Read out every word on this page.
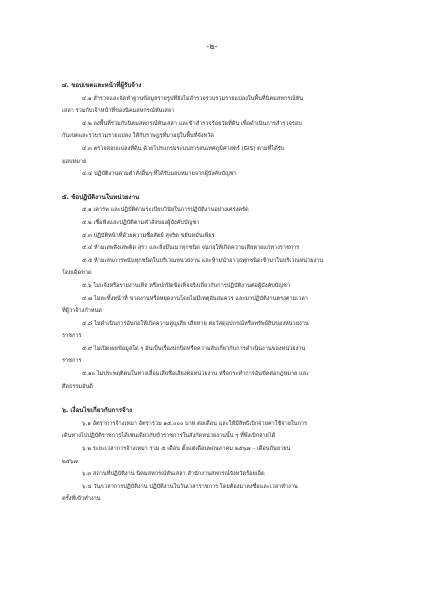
-๒-
๔. ขอบเขตและหน้าที่ผู้รับจ้าง
๔.๑ สำรวจและจัดทำฐานข้อมูลรายรูปที่ยังไม่สำรวจรวบรวมรายแปลงในพื้นที่นิคมสหกรณ์หัน
เสลา ร่วมกับเจ้าหน้าที่ของนิคมสหกรณ์หันเสลา
๔.๒ ลงพื้นที่ร่วมกับนิคมสหกรณ์หันเสลา และข้าสำรวจร้อยวัดที่ดิน เพื่อดำเนินการสำรวจรอบ
กันเขตและรวบรวมรายแปลง ให้กับราษฎรที่มาอยู่ในพื้นที่จังหวัด
๔.๓ ตรวจสอบแปลงที่ดิน ด้วยโปรแกรมระบบสารสนเทศภูมิศาสตร์ (GIS) ตามที่ได้รับ
มอบหมาย
๔.๔ ปฏิบัติงานตามคำสั่งอื่นๆ ที่ได้รับมอบหมายจากผู้บังคับบัญชา
๕. ข้อปฏิบัติงานในหน่วยงาน
๕.๑ เคารพ และปฏิบัติตามระเบียบวินัยในการปฏิบัติงานอย่างเคร่งครัด
๕.๒ เชื่อฟังและปฏิบัติตามคำสั่งของผู้บังคับบัญชา
๕.๓ ปฏิบัติหน้าที่ด้วยความซื่อสัตย์ สุจริต ขยันหมั่นเพียร
๕.๔ ห้ามเสพสิ่งเสพติด สุรา และสิ่งมึนเมาทุกชนิด จนก่อให้เกิดความเสียหายแก่ทางราชการ
๕.๕ ห้ามเล่นการพนันทุกชนิดในบริเวณหน่วยงาน และห้ามนำอาวุธทุกชนิดเข้ามาในบริเวณหน่วยงาน
โดยเด็ดขาด
๕.๖ ไม่แจ้งหรือรายงานเท็จ หรือปกปิดข้อเท็จจริงเกี่ยวกับการปฏิบัติงานต่อผู้บังคับบัญชา
๕.๗ ไม่ละทิ้งหน้าที่ ขาดงานหรือหยุดงานโดยไม่มีเหตุอันสมควร และมาปฏิบัติงานตรงตามเวลา
ที่ผู้ว่าจ้างกำหนด
๕.๘ ไม่ดำเนินการอันก่อให้เกิดความสูญเสีย เสียหาย ต่อวัสดุอุปกรณ์หรือทรัพย์สินของหน่วยงาน
ราชการ
๕.๙ ไม่เปิดเผยข้อมูลใด ๆ อันเป็นเรื่องปกปิดหรือความลับเกี่ยวกับการดำเนินงานของหน่วยงาน
ราชการ
๕.๑๐ ไม่ประพฤติตนในทางเสื่อมเสียชื่อเสียงต่อหน่วยงาน หรือกระทำการอันขัดต่อกฎหมาย และ
ศีลธรรมอันดี
๖. เงื่อนไขเกี่ยวกับการจ้าง
๖.๑ อัตราการจ้างเหมา อัตรารวม ๑๕,๐๐๐ บาท ต่อเดือน และให้มีสิทธิเบิกจ่ายค่าใช้จ่ายในการ
เดินทางไปปฏิบัติราชการได้เช่นเดียวกับข้าราชการในสังกัดหน่วยงานนั้น ๆ ที่พึงเบิกจ่ายได้
๖.๒ ระยะเวลาการจ้างเหมา รวม ๕ เดือน ตั้งแต่เดือนพฤษภาคม ๒๕๖๗ – เดือนกันยายน
๒๕๖๗
๖.๓ สถานที่ปฏิบัติงาน นิคมสหกรณ์หันเสลา สำนักงานสหกรณ์จังหวัดร้อยเอ็ด
๖.๔ วัน/เวลาการปฏิบัติงาน ปฏิบัติงานในวันเวลาราชการ โดยต้องมาลงชื่อและเวลาทำงาน
ครั้งที่เข้าทำงาน
